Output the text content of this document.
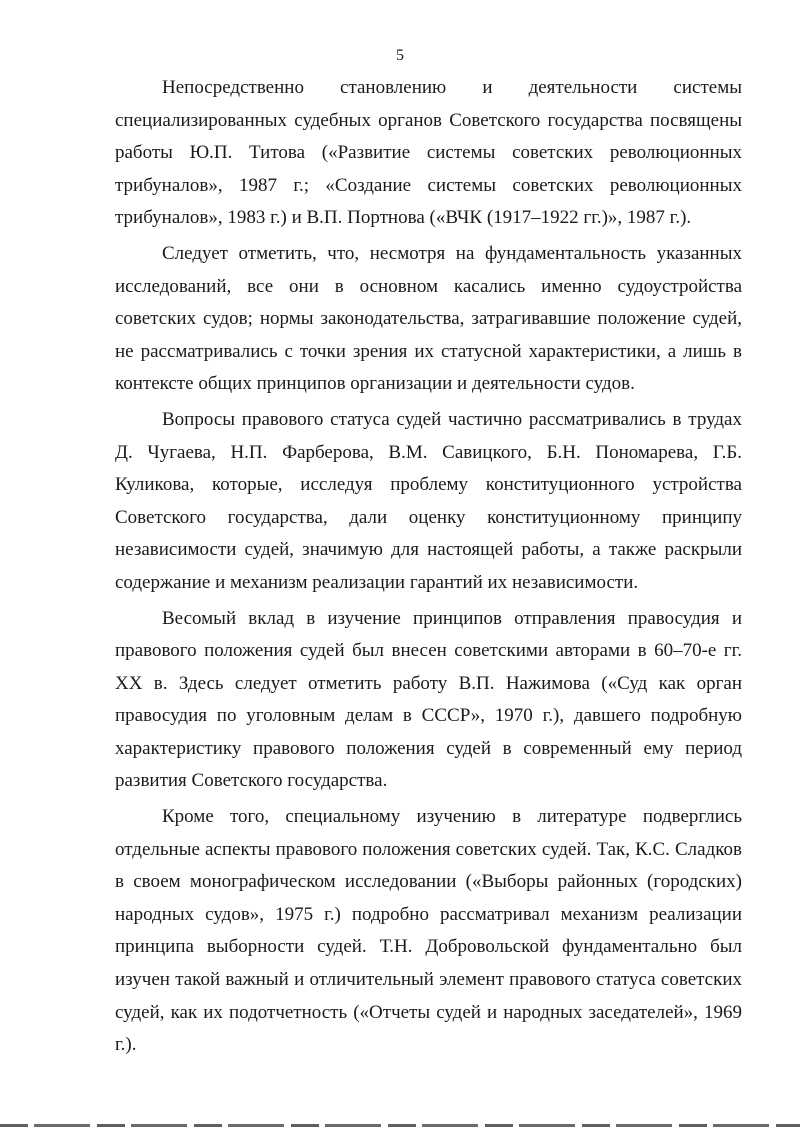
5

Непосредственно становлению и деятельности системы специализированных судебных органов Советского государства посвящены работы Ю.П. Титова («Развитие системы советских революционных трибуналов», 1987 г.; «Создание системы советских революционных трибуналов», 1983 г.) и В.П. Портнова («ВЧК (1917–1922 гг.)», 1987 г.).

Следует отметить, что, несмотря на фундаментальность указанных исследований, все они в основном касались именно судоустройства советских судов; нормы законодательства, затрагивавшие положение судей, не рассматривались с точки зрения их статусной характеристики, а лишь в контексте общих принципов организации и деятельности судов.

Вопросы правового статуса судей частично рассматривались в трудах Д. Чугаева, Н.П. Фарберова, В.М. Савицкого, Б.Н. Пономарева, Г.Б. Куликова, которые, исследуя проблему конституционного устройства Советского государства, дали оценку конституционному принципу независимости судей, значимую для настоящей работы, а также раскрыли содержание и механизм реализации гарантий их независимости.

Весомый вклад в изучение принципов отправления правосудия и правового положения судей был внесен советскими авторами в 60–70-е гг. XX в. Здесь следует отметить работу В.П. Нажимова («Суд как орган правосудия по уголовным делам в СССР», 1970 г.), давшего подробную характеристику правового положения судей в современный ему период развития Советского государства.

Кроме того, специальному изучению в литературе подверглись отдельные аспекты правового положения советских судей. Так, К.С. Сладков в своем монографическом исследовании («Выборы районных (городских) народных судов», 1975 г.) подробно рассматривал механизм реализации принципа выборности судей. Т.Н. Добровольской фундаментально был изучен такой важный и отличительный элемент правового статуса советских судей, как их подотчетность («Отчеты судей и народных заседателей», 1969 г.).
